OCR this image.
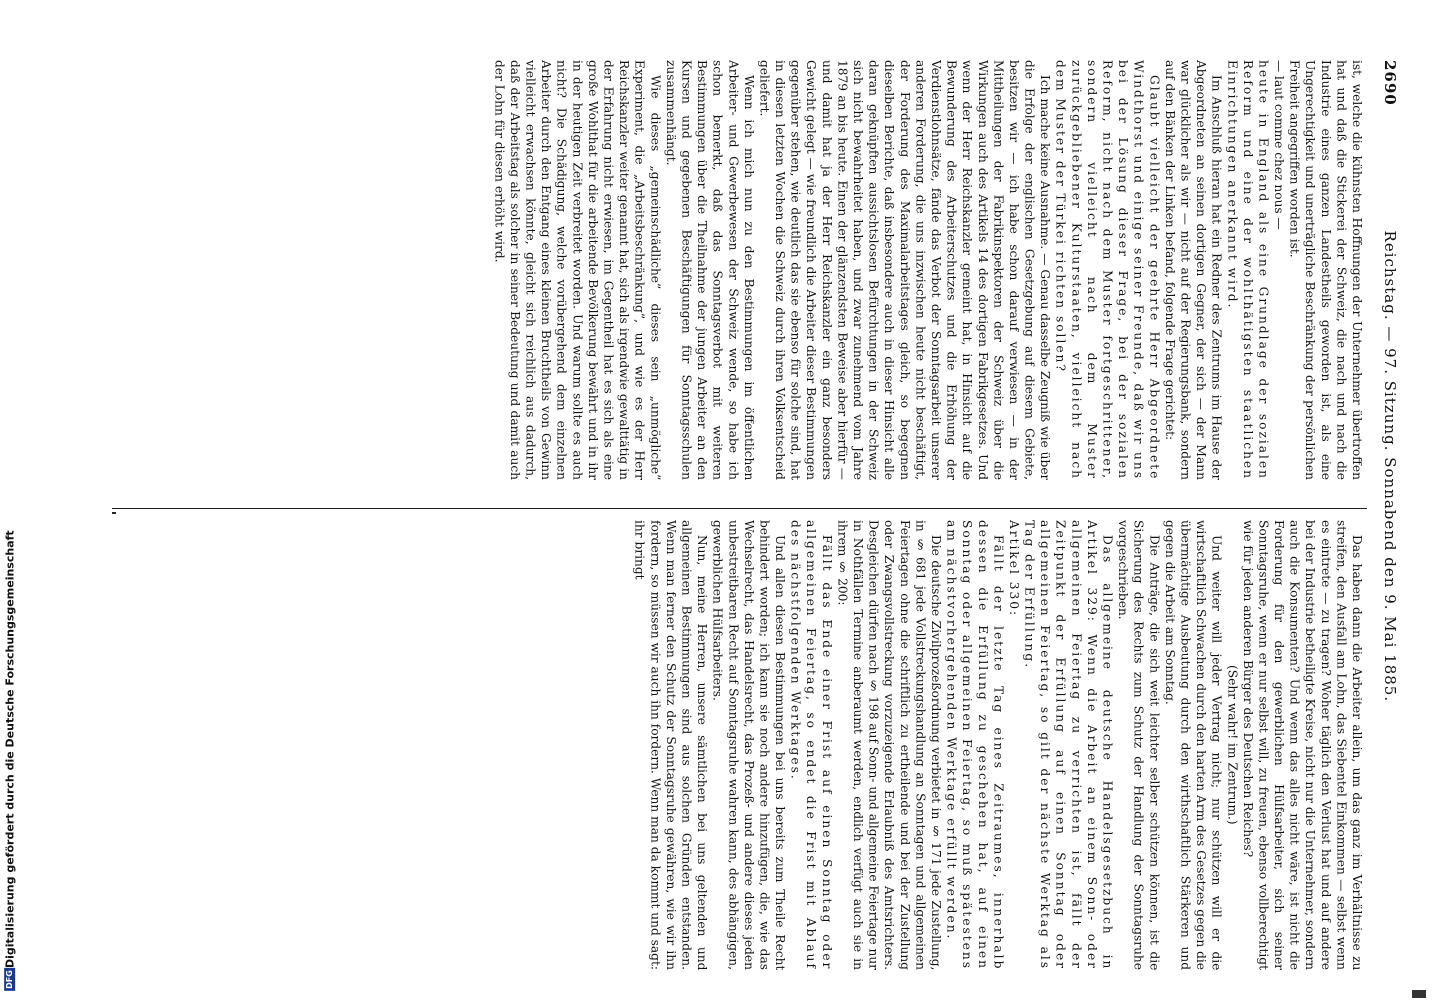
2690 Reichstag. — 97. Sitzung. Sonnabend den 9. Mai 1885.

ist, welche die kühnsten Hoffnungen der Unternehmer übertroffen hat und daß die Stickerei der Schweiz, die nach und nach die Industrie eines ganzen Landestheils geworden ist, als eine Ungerechtigkeit und unerträgliche Beschränkung der persönlichen Freiheit angegriffen worden ist.

— laut comme chez nous —

heute in England als eine Grundlage der sozialen Reform und eine der wohlthätigsten staatlichen Einrichtungen anerkannt wird.

Im Anschluß hieran hat ein Redner des Zentrums im Hause der Abgeordneten an seinen dortigen Gegner, der sich — der Mann war glücklicher als wir — nicht auf der Regierungsbank, sondern auf den Bänken der Linken befand, folgende Frage gerichtet:

Glaubt vielleicht der geehrte Herr Abgeordnete Windthorst und einige seiner Freunde, daß wir uns bei der Lösung dieser Frage, bei der sozialen Reform, nicht nach dem Muster fortgeschrittener, sondern vielleicht nach dem Muster zurückgebliebener Kulturstaaten, vielleicht nach dem Muster der Türkei richten sollen?

Ich mache keine Ausnahme. — Genau dasselbe Zeugniß wie über die Erfolge der englischen Gesetzgebung auf diesem Gebiete, besitzen wir — ich habe schon darauf verwiesen — in der Mittheilungen der Fabrikinspektoren der Schweiz über die Wirkungen auch des Artikels 14 des dortigen Fabrikgesetzes. Und wenn der Herr Reichskanzler gemeint hat, in Hinsicht auf die Bewunderung des Arbeiterschutzes und die Erhöhung der Verdienstlohnsätze, fände das Verbot der Sonntagsarbeit unserer anderen Forderung, die uns inzwischen heute nicht beschäftigt, der Forderung des Maximalarbeitstages gleich, so begegnen dieselben Berichte, daß insbesondere auch in dieser Hinsicht alle daran geknüpften aussichtslosen Befürchtungen in der Schweiz sich nicht bewahrheitet haben, und zwar zunehmend vom Jahre 1879 an bis heute. Einen der glänzendsten Beweise aber hierfür — und damit hat ja der Herr Reichskanzler ein ganz besonders Gewicht gelegt — wie freundlich die Arbeiter dieser Bestimmungen gegenüber stehen, wie deutlich das sie ebenso für solche sind, hat in diesen letzten Wochen die Schweiz durch ihren Volksentscheid geliefert.

Wenn ich mich nun zu den Bestimmungen im öffentlichen Arbeiter- und Gewerbewesen der Schweiz wende, so habe ich schon bemerkt, daß das Sonntagsverbot mit weiteren Bestimmungen über die Theilnahme der jungen Arbeiter an den Kursen und gegebenen Beschäftigungen für Sonntagsschulen zusammenhängt.

Wie dieses „gemeinschädliche” dieses sein „unmögliche” Experiment, die „Arbeitsbeschränkung”, und wie es der Herr Reichskanzler weiter genannt hat, sich als irgendwie gewalttätig in der Erfahrung nicht erwiesen, im Gegentheil hat es sich als eine große Wohlthat für die arbeitende Bevölkerung bewährt und in ihr in der heutigen Zeit verbreitet worden. Und warum sollte es auch nicht? Die Schädigung, welche vorübergehend dem einzelnen Arbeiter durch den Entgang eines kleinen Bruchtheils von Gewinn vielleicht erwachsen könnte, gleicht sich reichlich aus dadurch, daß der Arbeitstag als solcher in seiner Bedeutung und damit auch der Lohn für diesen erhöht wird.

Das haben dann die Arbeiter allein, um das ganz im Verhältnisse zu streifen, den Ausfall am Lohn, das Siebentel Einkommen — selbst wenn es eintrete — zu tragen? Woher täglich den Verlust hat und auf andere bei der Industrie betheiligte Kreise, nicht nur die Unternehmer, sondern auch die Konsumenten? Und wenn das alles nicht wäre, ist nicht die Forderung für den gewerblichen Hülfsarbeiter, sich seiner Sonntagsruhe, wenn er nur selbst will, zu freuen, ebenso vollberechtigt wie für jeden anderen Bürger des Deutschen Reiches?

(Sehr wahr! im Zentrum.)

Und weiter will jeder Vertrag nicht; nur schützen will er die wirtschaftlich Schwachen durch den harten Arm des Gesetzes gegen die übermächtige Ausbeutung durch den wirthschaftlich Stärkeren und gegen die Arbeit am Sonntag.

Die Anträge, die sich weit leichter selber schützen können, ist die Sicherung des Rechts zum Schutz der Handlung der Sonntagsruhe vorgeschrieben.

Das allgemeine deutsche Handelsgesetzbuch in Artikel 329: Wenn die Arbeit an einem Sonn- oder allgemeinen Feiertag zu verrichten ist, fällt der Zeitpunkt der Erfüllung auf einen Sonntag oder allgemeinen Feiertag, so gilt der nächste Werktag als Tag der Erfüllung.

Artikel 330:

Fällt der letzte Tag eines Zeitraumes, innerhalb dessen die Erfüllung zu geschehen hat, auf einen Sonntag oder allgemeinen Feiertag, so muß spätestens am nächstvorhergehenden Werktage erfüllt werden.

Die deutsche Zivilprozeßordnung verbietet in § 171 jede Zustellung, in § 681 jede Vollstreckungshandlung an Sonntagen und allgemeinen Feiertagen ohne die schriftlich zu ertheilende und bei der Zustellung oder Zwangsvollstreckung vorzuzeigende Erlaubniß des Amtsrichters. Desgleichen dürfen nach § 198 auf Sonn- und allgemeine Feiertage nur in Nothfällen Termine anberaumt werden, endlich verfügt auch sie in ihrem § 200:

Fällt das Ende einer Frist auf einen Sonntag oder allgemeinen Feiertag, so endet die Frist mit Ablauf des nächstfolgenden Werktages.

Und allen diesen Bestimmungen bei uns bereits zum Theile Recht behindert worden; ich kann sie noch andere hinzufügen, die, wie das Wechselrecht, das Handelsrecht, das Prozeß- und andere dieses jeden unbestreitbaren Recht auf Sonntagsruhe wahren kann, des abhängigen, gewerblichen Hülfsarbeiters.

Nun, meine Herren, unsere sämtlichen bei uns geltenden und allgemeinen Bestimmungen sind aus solchen Gründen entstanden. Wenn man ferner den Schutz der Sonntagsruhe gewähren, wie wir ihn fordern, so müssen wir auch ihn fordern. Wenn man da kommt und sagt: ihr bringt

DFG
Digitalisierung gefördert durch die Deutsche Forschungsgemeinschaft
